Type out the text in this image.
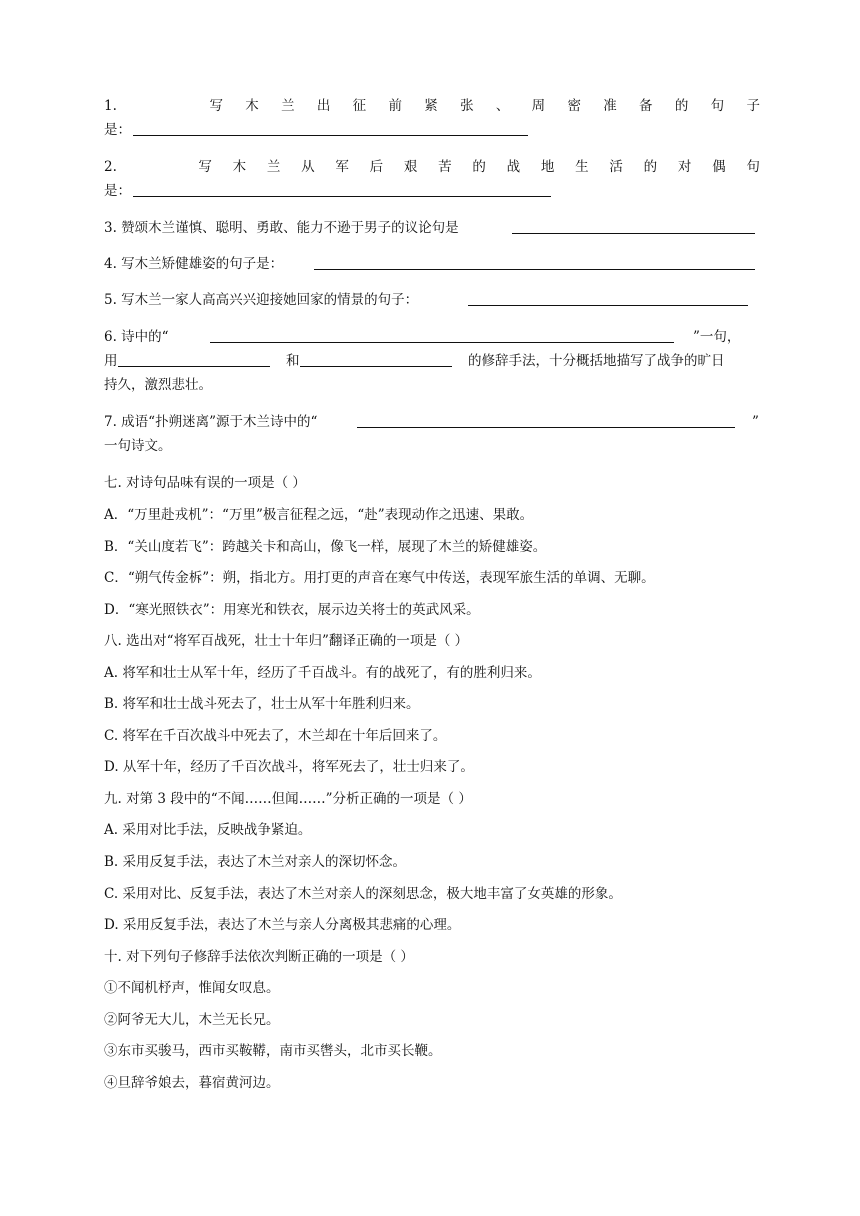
1.	写 木 兰 出 征 前 紧 张 、 周 密 准 备 的 句 子
是：
2.	写 木 兰 从 军 后 艰 苦 的 战 地 生 活 的 对 偶 句
是：
3. 赞颂木兰谨慎、聪明、勇敢、能力不逊于男子的议论句是
4. 写木兰矫健雄姿的句子是：
5. 写木兰一家人高高兴兴迎接她回家的情景的句子：
6. 诗中的“	”一句，
用	和	的修辞手法，十分概括地描写了战争的旷日
持久，激烈悲壮。
7. 成语“扑朔迷离”源于木兰诗中的“	”
一句诗文。
七. 对诗句品味有误的一项是（ ）
A．“万里赴戎机”：“万里”极言征程之远，“赴”表现动作之迅速、果敢。
B．“关山度若飞”：跨越关卡和高山，像飞一样，展现了木兰的矫健雄姿。
C．“朔气传金柝”：朔，指北方。用打更的声音在寒气中传送，表现军旅生活的单调、无聊。
D．“寒光照铁衣”：用寒光和铁衣，展示边关将士的英武风采。
八. 选出对“将军百战死，壮士十年归”翻译正确的一项是（ ）
A. 将军和壮士从军十年，经历了千百战斗。有的战死了，有的胜利归来。
B. 将军和壮士战斗死去了，壮士从军十年胜利归来。
C. 将军在千百次战斗中死去了，木兰却在十年后回来了。
D. 从军十年，经历了千百次战斗，将军死去了，壮士归来了。
九. 对第 3 段中的“不闻……但闻……”分析正确的一项是（ ）
A. 采用对比手法，反映战争紧迫。
B. 采用反复手法，表达了木兰对亲人的深切怀念。
C. 采用对比、反复手法，表达了木兰对亲人的深刻思念，极大地丰富了女英雄的形象。
D. 采用反复手法，表达了木兰与亲人分离极其悲痛的心理。
十. 对下列句子修辞手法依次判断正确的一项是（ ）
①不闻机杼声，惟闻女叹息。
②阿爷无大儿，木兰无长兄。
③东市买骏马，西市买鞍鞯，南市买辔头，北市买长鞭。
④旦辞爷娘去，暮宿黄河边。
